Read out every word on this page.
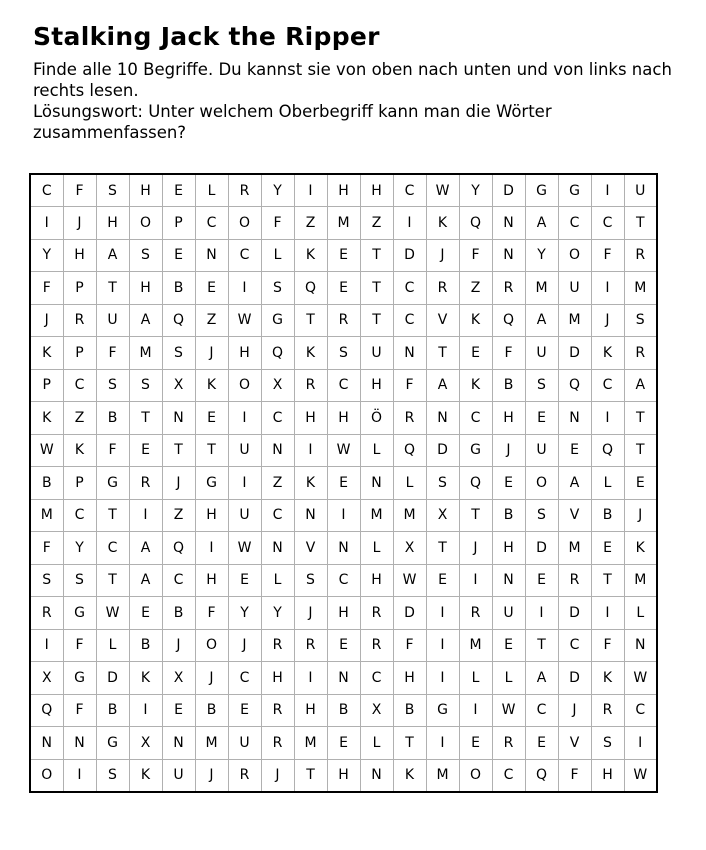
Stalking Jack the Ripper
Finde alle 10 Begriffe. Du kannst sie von oben nach unten und von links nach
rechts lesen.
Lösungswort: Unter welchem Oberbegriff kann man die Wörter
zusammenfassen?
C	F	S	H	E	L	R	Y	I	H	H	C	W	Y	D	G	G	I	U
I	J	H	O	P	C	O	F	Z	M	Z	I	K	Q	N	A	C	C	T
Y	H	A	S	E	N	C	L	K	E	T	D	J	F	N	Y	O	F	R
F	P	T	H	B	E	I	S	Q	E	T	C	R	Z	R	M	U	I	M
J	R	U	A	Q	Z	W	G	T	R	T	C	V	K	Q	A	M	J	S
K	P	F	M	S	J	H	Q	K	S	U	N	T	E	F	U	D	K	R
P	C	S	S	X	K	O	X	R	C	H	F	A	K	B	S	Q	C	A
K	Z	B	T	N	E	I	C	H	H	Ö	R	N	C	H	E	N	I	T
W	K	F	E	T	T	U	N	I	W	L	Q	D	G	J	U	E	Q	T
B	P	G	R	J	G	I	Z	K	E	N	L	S	Q	E	O	A	L	E
M	C	T	I	Z	H	U	C	N	I	M	M	X	T	B	S	V	B	J
F	Y	C	A	Q	I	W	N	V	N	L	X	T	J	H	D	M	E	K
S	S	T	A	C	H	E	L	S	C	H	W	E	I	N	E	R	T	M
R	G	W	E	B	F	Y	Y	J	H	R	D	I	R	U	I	D	I	L
I	F	L	B	J	O	J	R	R	E	R	F	I	M	E	T	C	F	N
X	G	D	K	X	J	C	H	I	N	C	H	I	L	L	A	D	K	W
Q	F	B	I	E	B	E	R	H	B	X	B	G	I	W	C	J	R	C
N	N	G	X	N	M	U	R	M	E	L	T	I	E	R	E	V	S	I
O	I	S	K	U	J	R	J	T	H	N	K	M	O	C	Q	F	H	W
